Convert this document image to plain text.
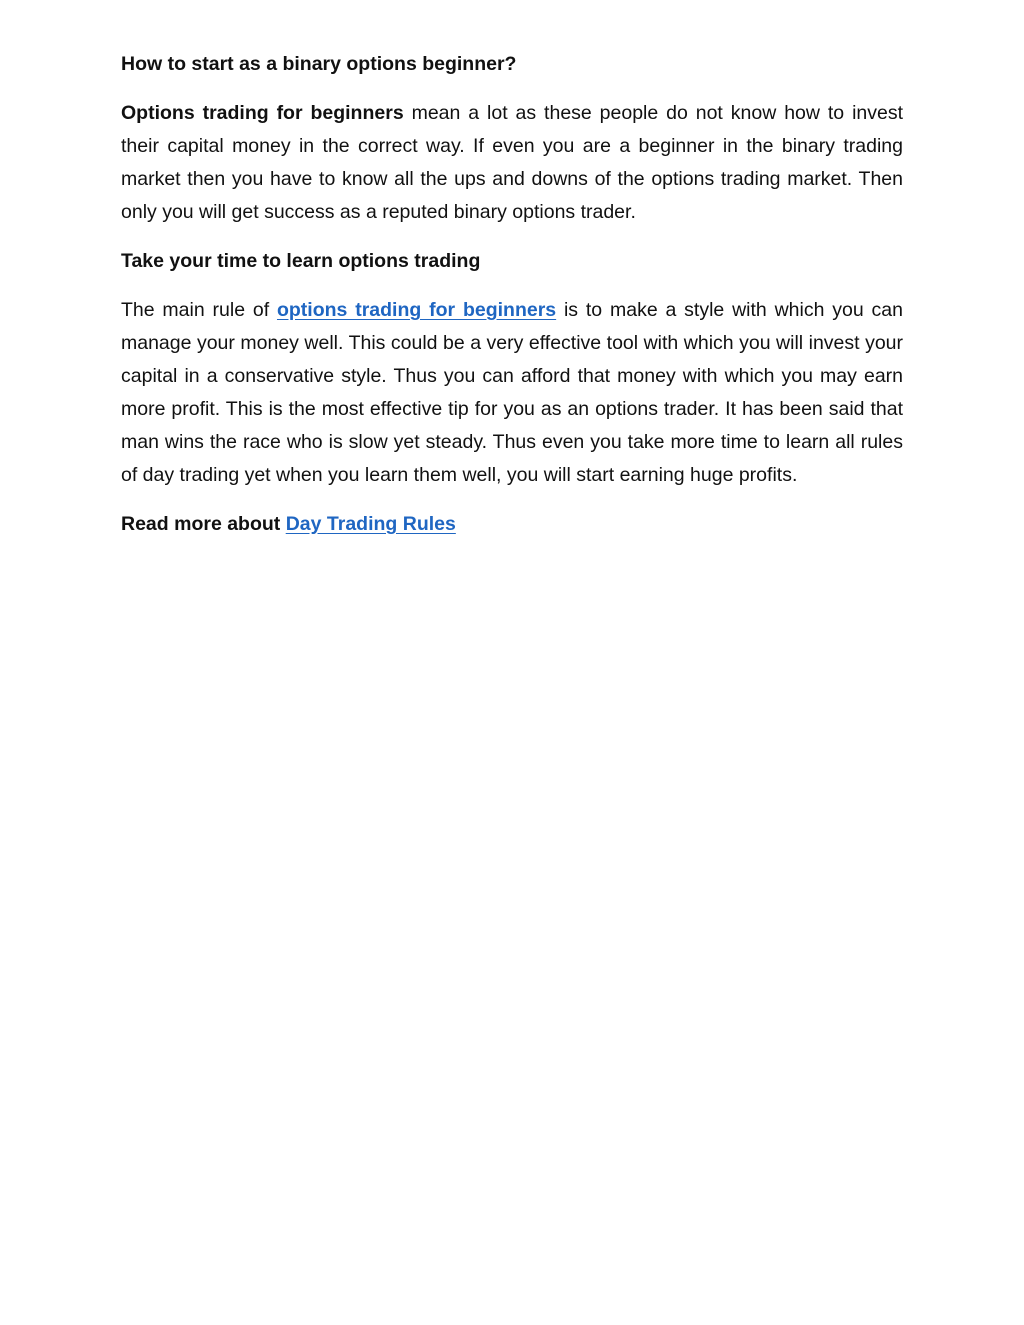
How to start as a binary options beginner?

Options trading for beginners mean a lot as these people do not know how to invest their capital money in the correct way. If even you are a beginner in the binary trading market then you have to know all the ups and downs of the options trading market. Then only you will get success as a reputed binary options trader.

Take your time to learn options trading

The main rule of options trading for beginners is to make a style with which you can manage your money well. This could be a very effective tool with which you will invest your capital in a conservative style. Thus you can afford that money with which you may earn more profit. This is the most effective tip for you as an options trader. It has been said that man wins the race who is slow yet steady. Thus even you take more time to learn all rules of day trading yet when you learn them well, you will start earning huge profits.

Read more about Day Trading Rules
